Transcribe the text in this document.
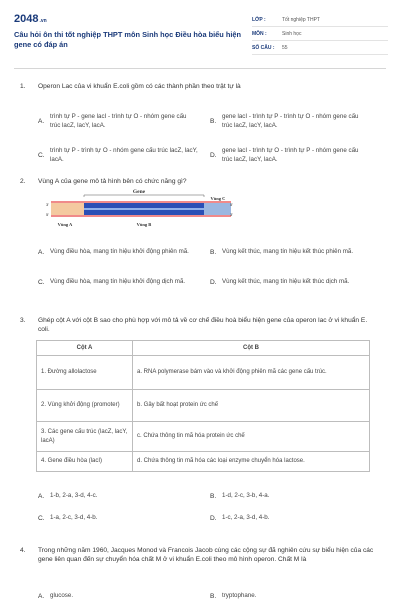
2048.vn
Câu hỏi ôn thi tốt nghiệp THPT môn Sinh học Điều hòa biểu hiện gene có đáp án
LỚP :	Tốt nghiệp THPT
MÔN :	Sinh học
SỐ CÂU :	55
1. Operon Lac của vi khuẩn E.coli gồm có các thành phần theo trật tự là
A.
trình tự P - gene lacI - trình tự O - nhóm gene cấu trúc lacZ, lacY, lacA.	B.
gene lacI - trình tự P - trình tự O - nhóm gene cấu trúc lacZ, lacY, lacA.
C.
trình tự P - trình tự O - nhóm gene cấu trúc lacZ, lacY, lacA.	D.
gene lacI - trình tự O - trình tự P - nhóm gene cấu trúc lacZ, lacY, lacA.
2. Vùng A của gene mô tả hình bên có chức năng gì?
Gene
3'
5'
Vùng A	Vùng B
Vùng C
5'
3'
A. Vùng điều hòa, mang tín hiệu khởi động phiên mã.	B. Vùng kết thúc, mang tín hiệu kết thúc phiên mã.
C. Vùng điều hòa, mang tín hiệu khởi động dịch mã.	D. Vùng kết thúc, mang tín hiệu kết thúc dịch mã.
3. Ghép cột A với cột B sao cho phù hợp với mô tả về cơ chế điều hoà biểu hiện gene của operon lac ở vi khuẩn E. coli.
Cột A	Cột B
1. Đường allolactose	a. RNA polymerase bám vào và khởi động phiên mã các gene cấu trúc.
2. Vùng khởi động (promoter)	b. Gây bất hoạt protein ức chế
3. Các gene cấu trúc (lacZ, lacY, lacA)	c. Chứa thông tin mã hóa protein ức chế
4. Gene điều hòa (lacI)	d. Chứa thông tin mã hóa các loại enzyme chuyển hóa lactose.
A. 1-b, 2-a, 3-d, 4-c.	B. 1-d, 2-c, 3-b, 4-a.
C. 1-a, 2-c, 3-d, 4-b.	D. 1-c, 2-a, 3-d, 4-b.
4. Trong những năm 1960, Jacques Monod và Francois Jacob cùng các cộng sự đã nghiên cứu sự biểu hiện của các gene liên quan đến sự chuyển hóa chất M ở vi khuẩn E.coli theo mô hình operon. Chất M là
A. glucose.	B. tryptophane.
